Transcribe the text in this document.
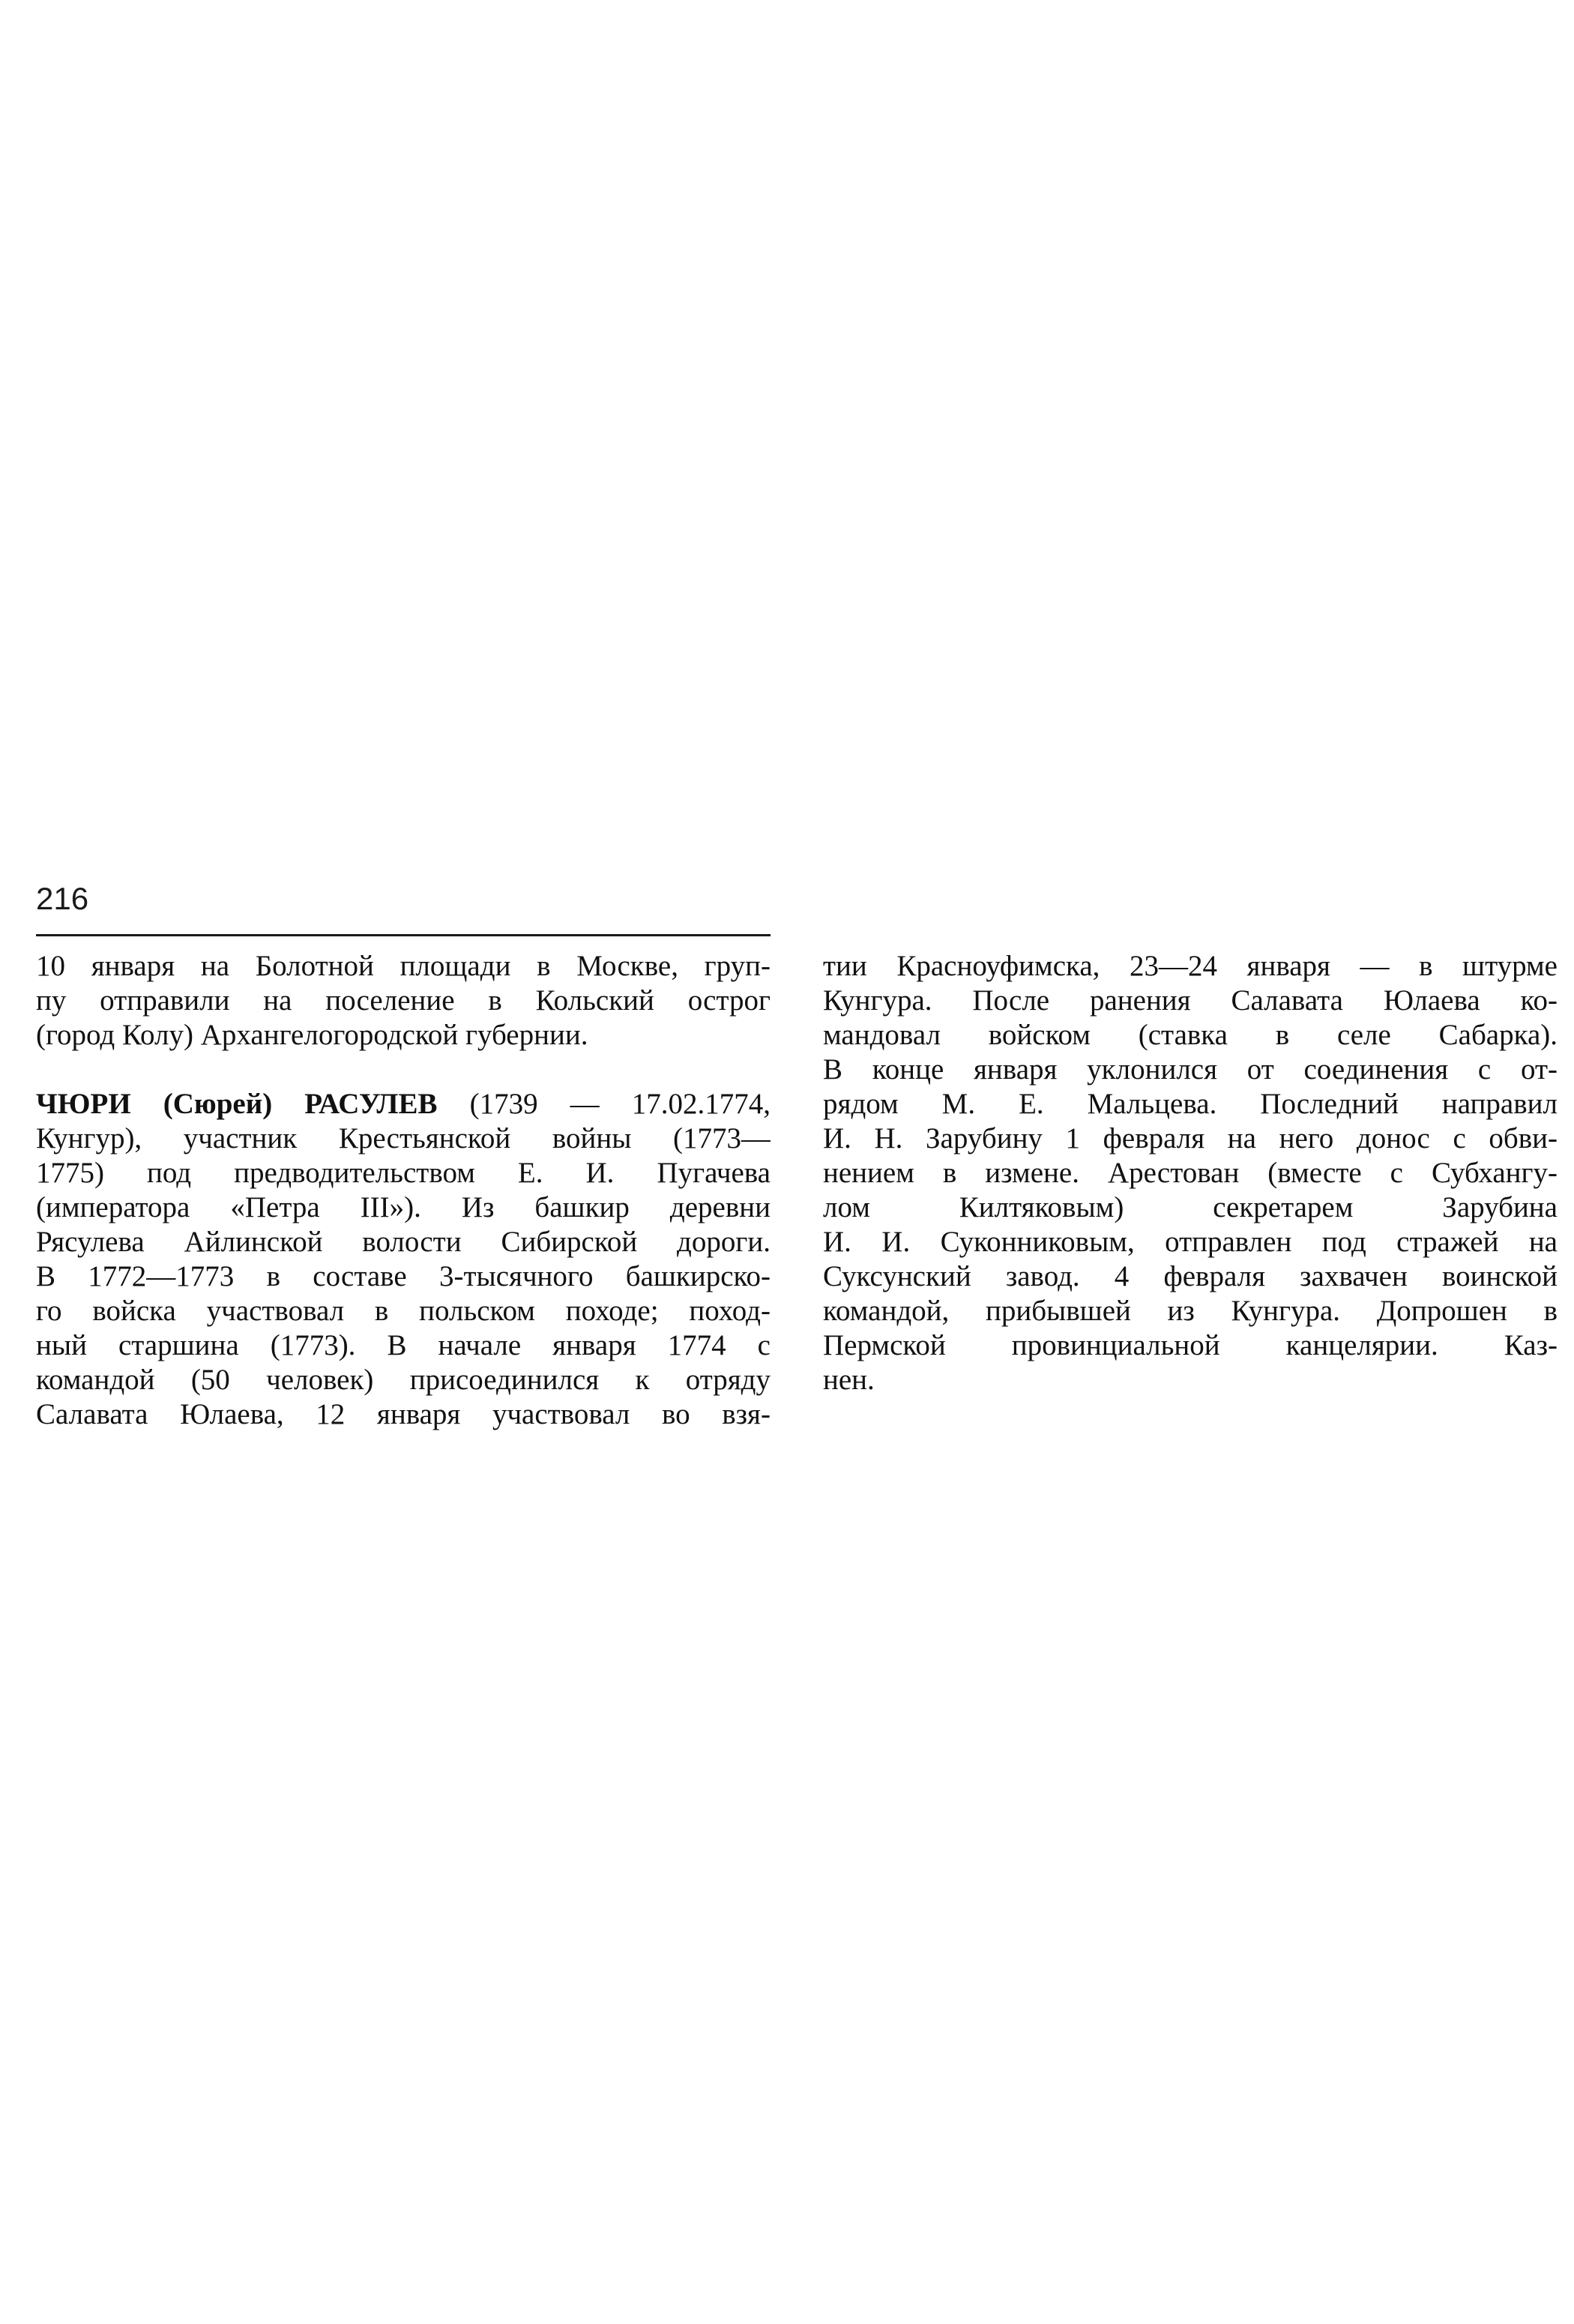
216
10 января на Болотной площади в Москве, груп-
пу отправили на поселение в Кольский острог
(город Колу) Архангелогородской губернии.
ЧЮРИ (Сюрей) РАСУЛЕВ (1739 — 17.02.1774,
Кунгур), участник Крестьянской войны (1773—
1775) под предводительством Е. И. Пугачева
(императора «Петра III»). Из башкир деревни
Рясулева Айлинской волости Сибирской дороги.
В 1772—1773 в составе 3-тысячного башкирско-
го войска участвовал в польском походе; поход-
ный старшина (1773). В начале января 1774 с
командой (50 человек) присоединился к отряду
Салавата Юлаева, 12 января участвовал во взя-
тии Красноуфимска, 23—24 января — в штурме
Кунгура. После ранения Салавата Юлаева ко-
мандовал войском (ставка в селе Сабарка).
В конце января уклонился от соединения с от-
рядом М. Е. Мальцева. Последний направил
И. Н. Зарубину 1 февраля на него донос с обви-
нением в измене. Арестован (вместе с Субхангу-
лом Килтяковым) секретарем Зарубина
И. И. Суконниковым, отправлен под стражей на
Суксунский завод. 4 февраля захвачен воинской
командой, прибывшей из Кунгура. Допрошен в
Пермской провинциальной канцелярии. Каз-
нен.
